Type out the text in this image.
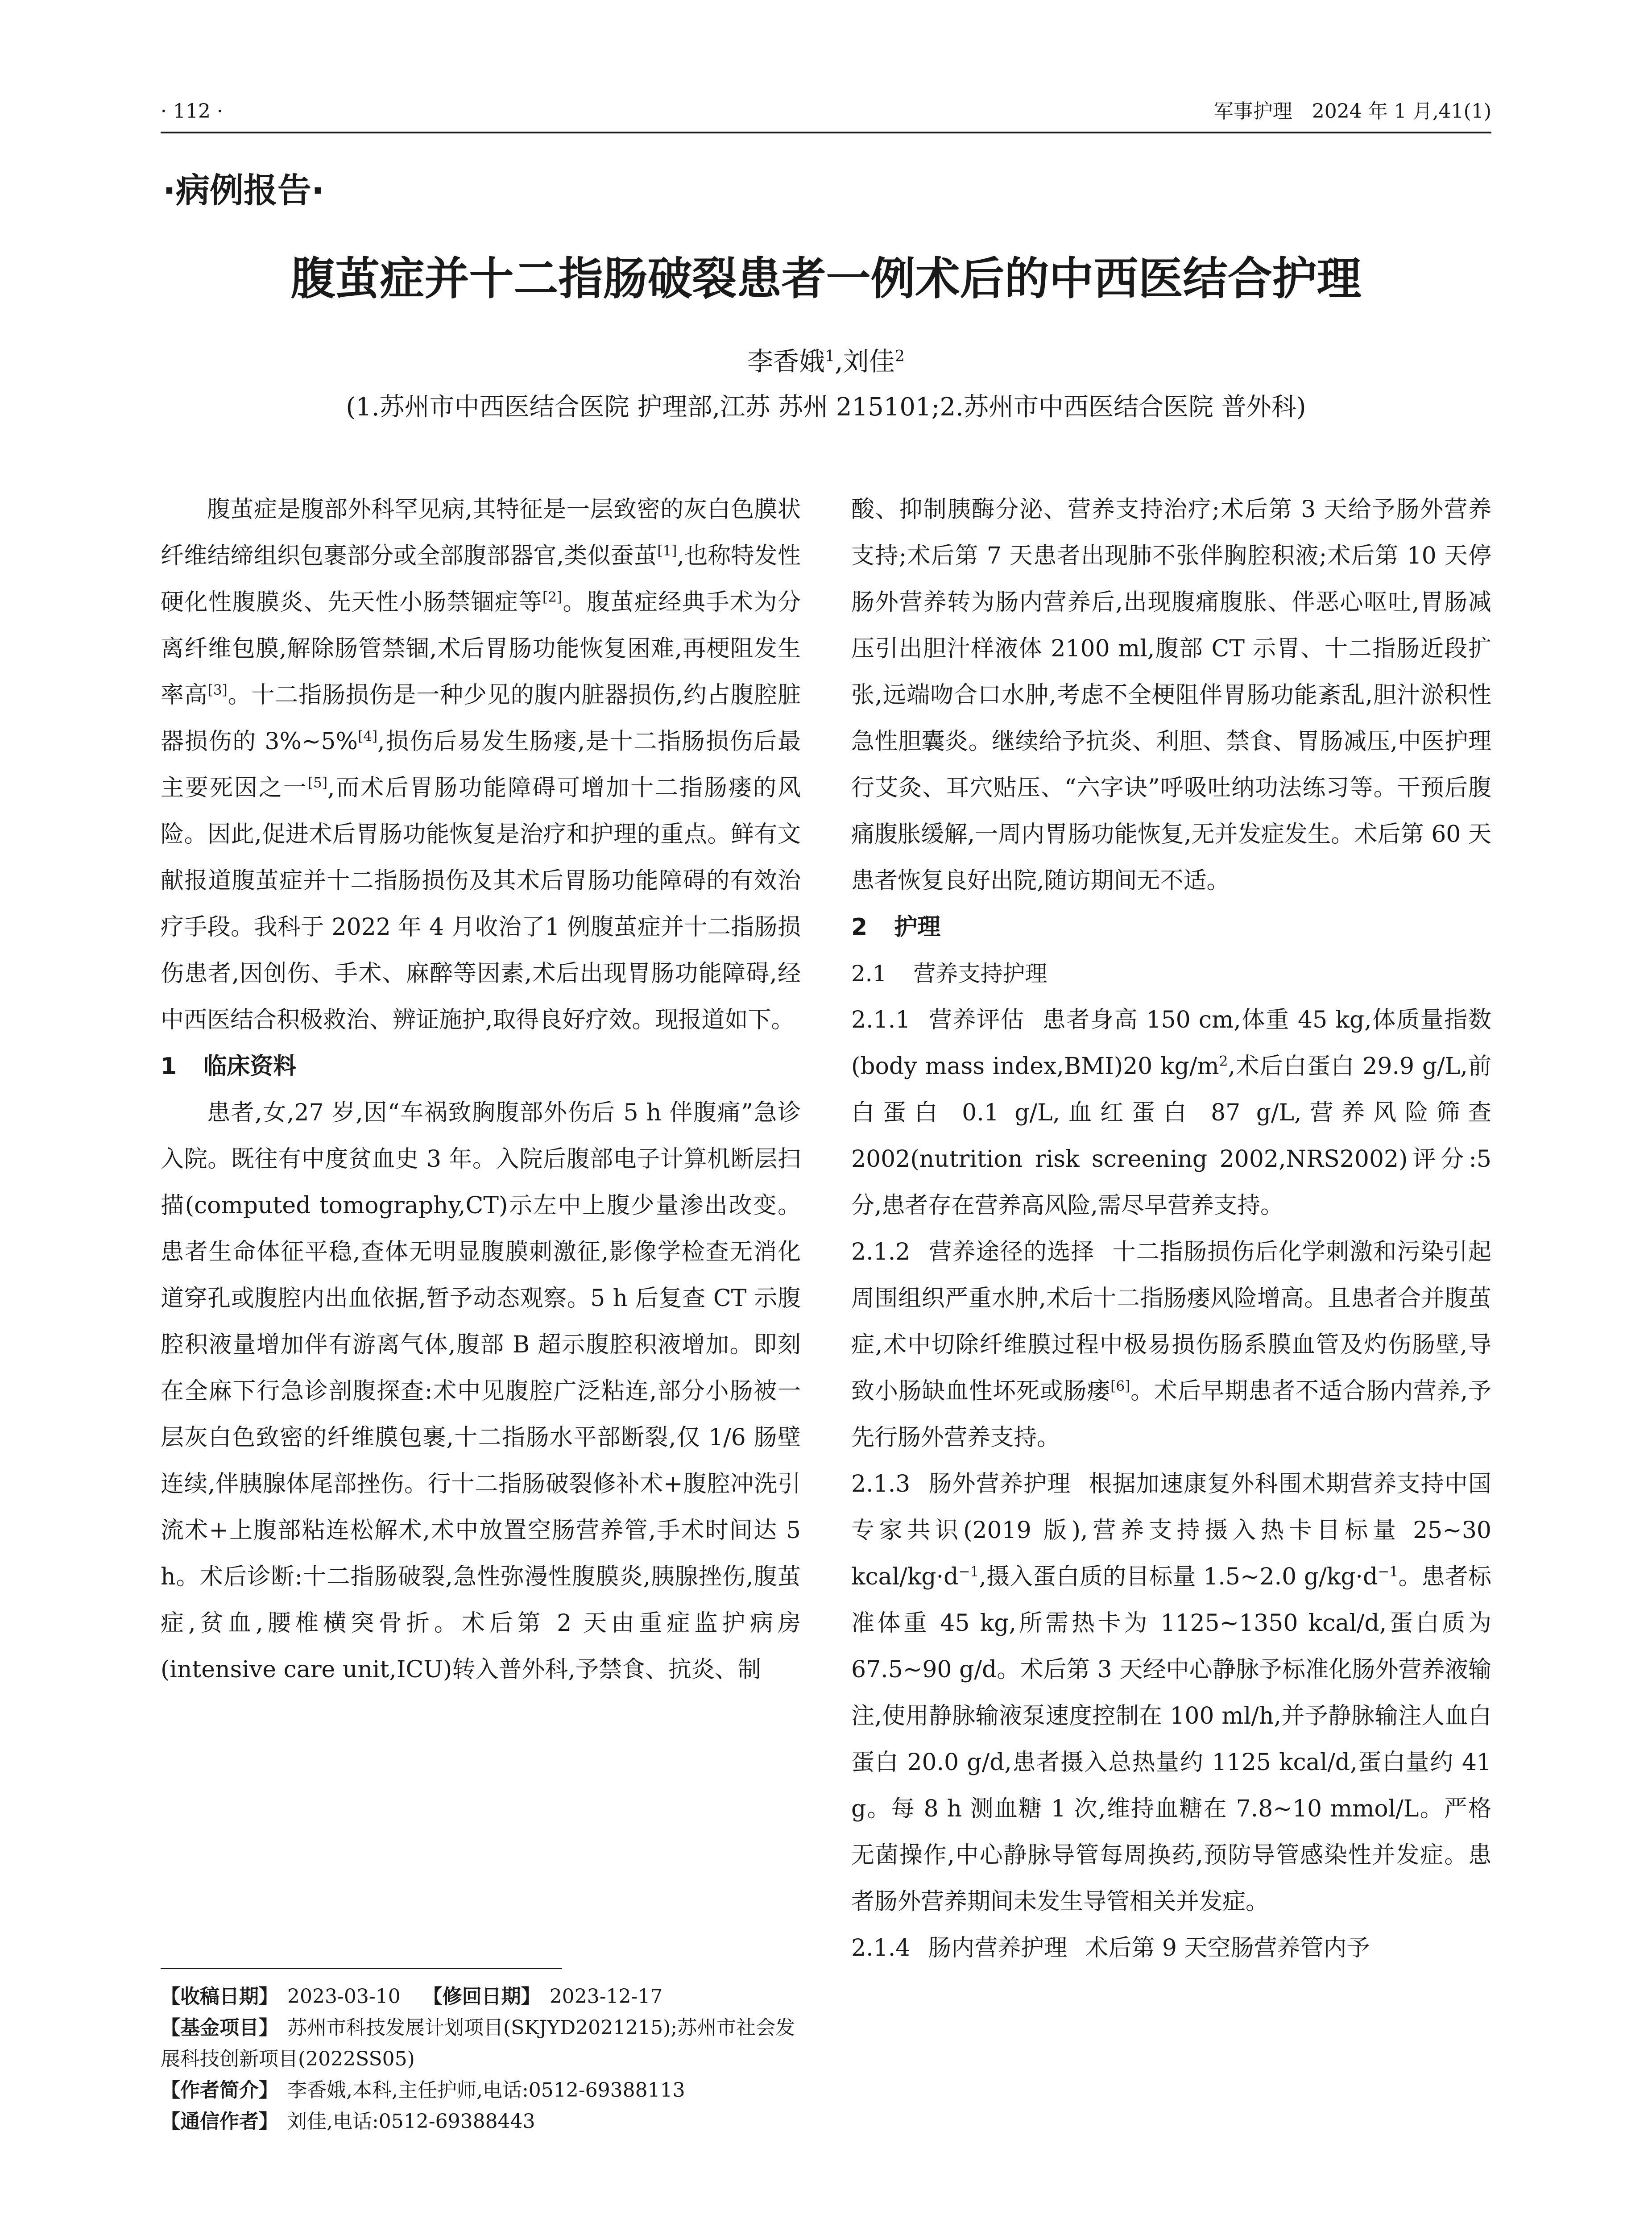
· 112 ·	军事护理　2024 年 1 月,41(1)
·病例报告·
腹茧症并十二指肠破裂患者一例术后的中西医结合护理
李香娥$^1$,刘佳$^2$
(1.苏州市中西医结合医院 护理部,江苏 苏州 215101;2.苏州市中西医结合医院 普外科)

腹茧症是腹部外科罕见病,其特征是一层致密的灰白色膜状纤维结缔组织包裹部分或全部腹部器官,类似蚕茧[1],也称特发性硬化性腹膜炎、先天性小肠禁锢症等[2]。腹茧症经典手术为分离纤维包膜,解除肠管禁锢,术后胃肠功能恢复困难,再梗阻发生率高[3]。十二指肠损伤是一种少见的腹内脏器损伤,约占腹腔脏器损伤的 3%~5%[4],损伤后易发生肠瘘,是十二指肠损伤后最主要死因之一[5],而术后胃肠功能障碍可增加十二指肠瘘的风险。因此,促进术后胃肠功能恢复是治疗和护理的重点。鲜有文献报道腹茧症并十二指肠损伤及其术后胃肠功能障碍的有效治疗手段。我科于 2022 年 4 月收治了1 例腹茧症并十二指肠损伤患者,因创伤、手术、麻醉等因素,术后出现胃肠功能障碍,经中西医结合积极救治、辨证施护,取得良好疗效。现报道如下。

1 临床资料

患者,女,27 岁,因“车祸致胸腹部外伤后 5 h 伴腹痛”急诊入院。既往有中度贫血史 3 年。入院后腹部电子计算机断层扫描(computed tomography,CT)示左中上腹少量渗出改变。患者生命体征平稳,查体无明显腹膜刺激征,影像学检查无消化道穿孔或腹腔内出血依据,暂予动态观察。5 h 后复查 CT 示腹腔积液量增加伴有游离气体,腹部 B 超示腹腔积液增加。即刻在全麻下行急诊剖腹探查:术中见腹腔广泛粘连,部分小肠被一层灰白色致密的纤维膜包裹,十二指肠水平部断裂,仅 1/6 肠壁连续,伴胰腺体尾部挫伤。行十二指肠破裂修补术+腹腔冲洗引流术+上腹部粘连松解术,术中放置空肠营养管,手术时间达 5 h。术后诊断:十二指肠破裂,急性弥漫性腹膜炎,胰腺挫伤,腹茧症,贫血,腰椎横突骨折。术后第 2 天由重症监护病房(intensive care unit,ICU)转入普外科,予禁食、抗炎、制

酸、抑制胰酶分泌、营养支持治疗;术后第 3 天给予肠外营养支持;术后第 7 天患者出现肺不张伴胸腔积液;术后第 10 天停肠外营养转为肠内营养后,出现腹痛腹胀、伴恶心呕吐,胃肠减压引出胆汁样液体 2100 ml,腹部 CT 示胃、十二指肠近段扩张,远端吻合口水肿,考虑不全梗阻伴胃肠功能紊乱,胆汁淤积性急性胆囊炎。继续给予抗炎、利胆、禁食、胃肠减压,中医护理行艾灸、耳穴贴压、“六字诀”呼吸吐纳功法练习等。干预后腹痛腹胀缓解,一周内胃肠功能恢复,无并发症发生。术后第 60 天患者恢复良好出院,随访期间无不适。

2 护理
2.1 营养支持护理

2.1.1 营养评估 患者身高 150 cm,体重 45 kg,体质量指数(body mass index,BMI)20 $kg/m^2$,术后白蛋白 29.9 g/L,前白蛋白 0.1 g/L,血红蛋白 87 g/L,营养风险筛查 2002(nutrition risk screening 2002,NRS2002)评分:5 分,患者存在营养高风险,需尽早营养支持。

2.1.2 营养途径的选择 十二指肠损伤后化学刺激和污染引起周围组织严重水肿,术后十二指肠瘘风险增高。且患者合并腹茧症,术中切除纤维膜过程中极易损伤肠系膜血管及灼伤肠壁,导致小肠缺血性坏死或肠瘘[6]。术后早期患者不适合肠内营养,予先行肠外营养支持。

2.1.3 肠外营养护理 根据加速康复外科围术期营养支持中国专家共识(2019 版),营养支持摄入热卡目标量 25~30 kcal/$kg\cdot d^{-1}$,摄入蛋白质的目标量 1.5~2.0 $g/kg\cdot d^{-1}$。患者标准体重 45 kg,所需热卡为 1125~1350 kcal/d,蛋白质为 67.5~90 g/d。术后第 3 天经中心静脉予标准化肠外营养液输注,使用静脉输液泵速度控制在 100 ml/h,并予静脉输注人血白蛋白 20.0 g/d,患者摄入总热量约 1125 kcal/d,蛋白量约 41 g。每 8 h 测血糖 1 次,维持血糖在 7.8~10 mmol/L。严格无菌操作,中心静脉导管每周换药,预防导管感染性并发症。患者肠外营养期间未发生导管相关并发症。

2.1.4 肠内营养护理 术后第 9 天空肠营养管内予

【收稿日期】 2023-03-10 【修回日期】 2023-12-17
【基金项目】 苏州市科技发展计划项目(SKJYD2021215);苏州市社会发展科技创新项目(2022SS05)
【作者简介】 李香娥,本科,主任护师,电话:0512-69388113
【通信作者】 刘佳,电话:0512-69388443
